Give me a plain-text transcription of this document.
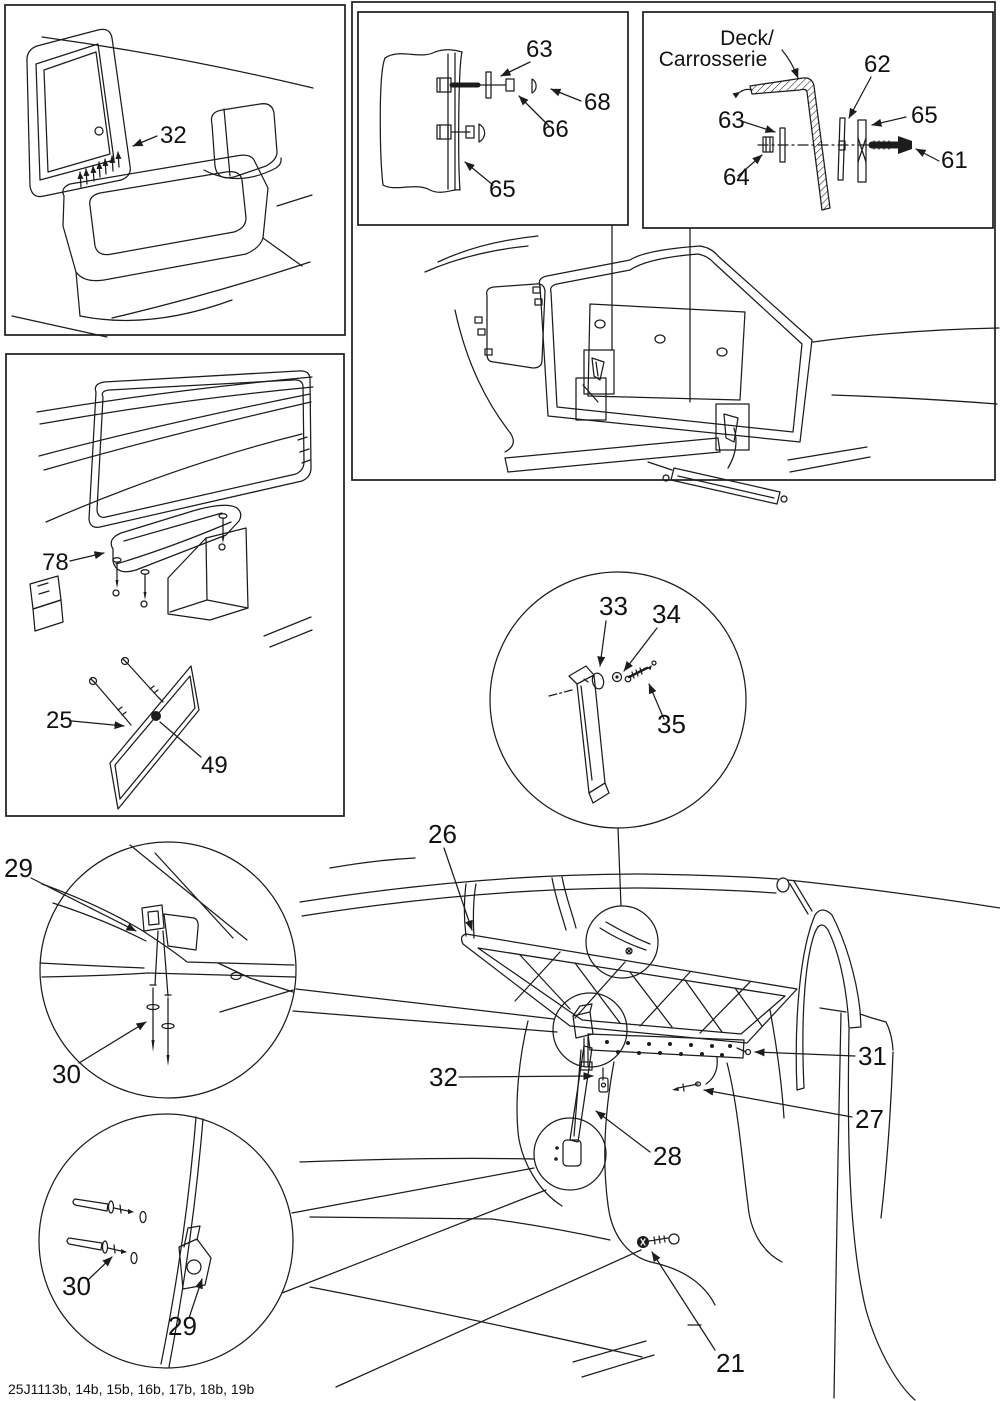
32
63
68
66
65
Deck/
Carrosserie	62
65
61
63
64
78
25
49
33 34
35
26
32
31
27
28
21
29
30
30
29
25J1113b, 14b, 15b, 16b, 17b, 18b, 19b
